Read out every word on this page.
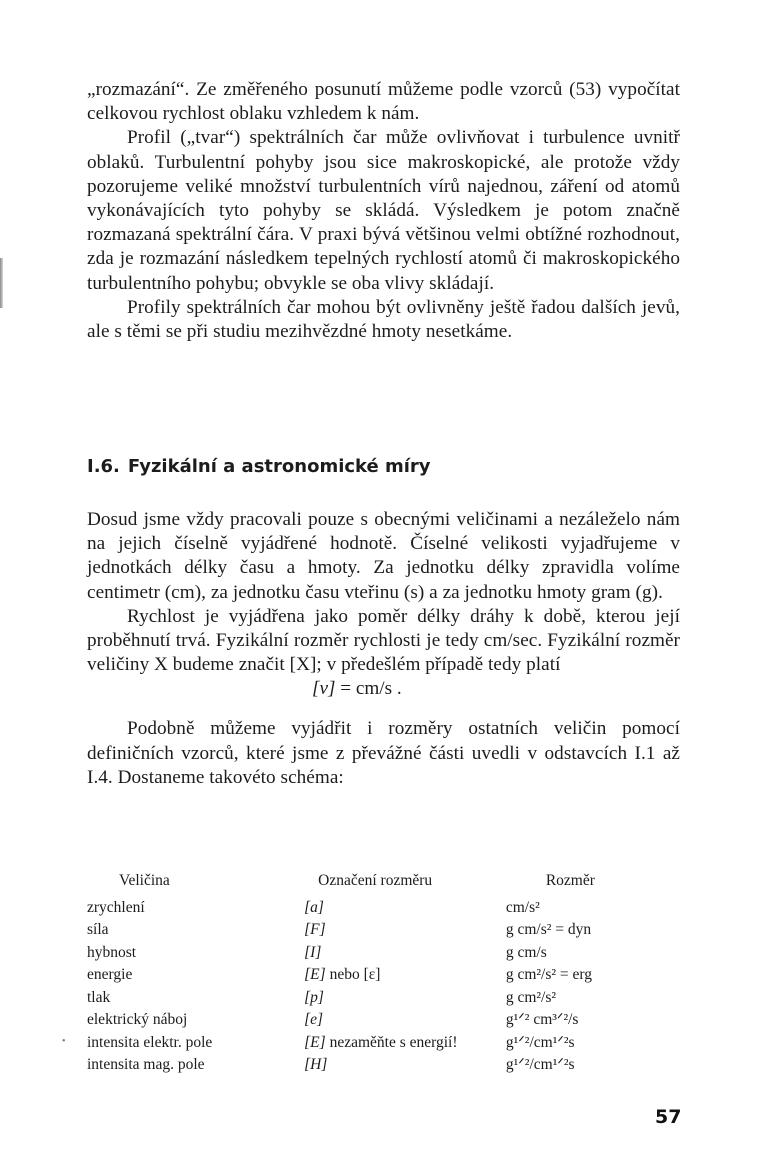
„rozmazání“. Ze změřeného posunutí můžeme podle vzorců (53) vypočítat celkovou rychlost oblaku vzhledem k nám.

Profil („tvar“) spektrálních čar může ovlivňovat i turbulence uvnitř oblaků. Turbulentní pohyby jsou sice makroskopické, ale protože vždy pozorujeme veliké množství turbulentních vírů najednou, záření od atomů vykonávajících tyto pohyby se skládá. Výsledkem je potom značně rozmazaná spektrální čára. V praxi bývá většinou velmi obtížné rozhodnout, zda je rozmazání následkem tepelných rychlostí atomů či makroskopického turbulentního pohybu; obvykle se oba vlivy skládají.

Profily spektrálních čar mohou být ovlivněny ještě řadou dalších jevů, ale s těmi se při studiu mezihvězdné hmoty nesetkáme.

I.6. Fyzikální a astronomické míry

Dosud jsme vždy pracovali pouze s obecnými veličinami a nezáleželo nám na jejich číselně vyjádřené hodnotě. Číselné velikosti vyjadřujeme v jednotkách délky času a hmoty. Za jednotku délky zpravidla volíme centimetr (cm), za jednotku času vteřinu (s) a za jednotku hmoty gram (g).

Rychlost je vyjádřena jako poměr délky dráhy k době, kterou její proběhnutí trvá. Fyzikální rozměr rychlosti je tedy cm/sec. Fyzikální rozměr veličiny X budeme značit [X]; v předešlém případě tedy platí

[v] = cm/s .

Podobně můžeme vyjádřit i rozměry ostatních veličin pomocí definičních vzorců, které jsme z převážné části uvedli v odstavcích I.1 až I.4. Dostaneme takovéto schéma:

Veličina	Označení rozměru	Rozměr
zrychlení	[a]	cm/s²
síla	[F]	g cm/s² = dyn
hybnost	[I]	g cm/s
energie	[E] nebo [ε]	g cm²/s² = erg
tlak	[p]	g cm²/s²
elektrický náboj	[e]	g¹ᐟ² cm³ᐟ²/s
intensita elektr. pole	[E] nezaměňte s energií!	g¹ᐟ²/cm¹ᐟ²s
intensita mag. pole	[H]	g¹ᐟ²/cm¹ᐟ²s
•
57
